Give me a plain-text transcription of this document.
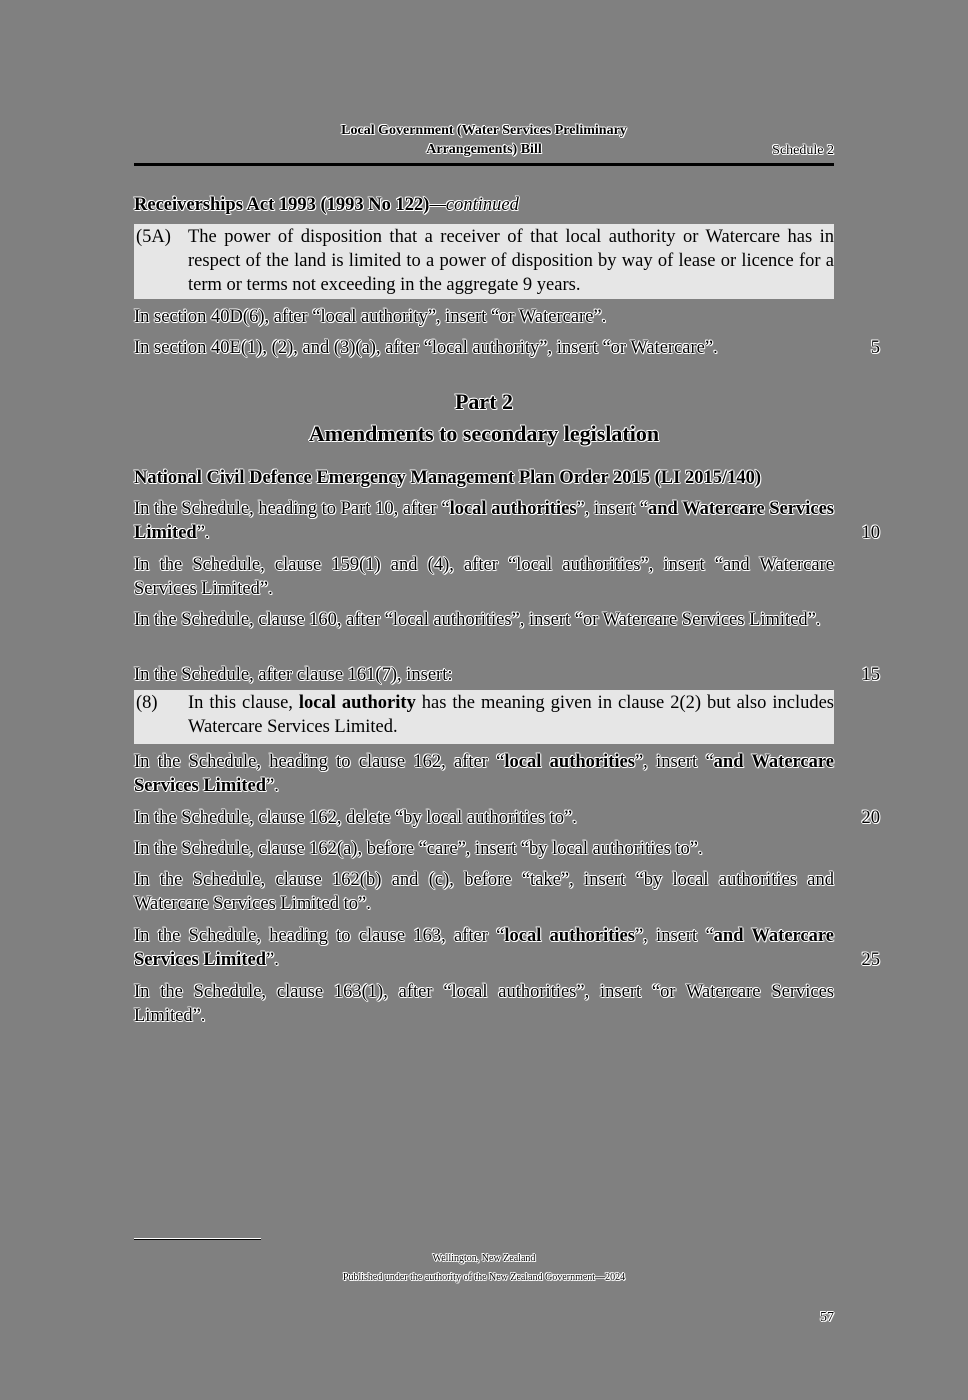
Local Government (Water Services Preliminary
Arrangements) Bill	Schedule 2
Receiverships Act 1993 (1993 No 122)—continued
(5A) The power of disposition that a receiver of that local authority or Watercare has in respect of the land is limited to a power of disposition by way of lease or licence for a term or terms not exceeding in the aggregate 9 years.
In section 40D(6), after “local authority”, insert “or Watercare”.
In section 40E(1), (2), and (3)(a), after “local authority”, insert “or Watercare”.
Part 2
Amendments to secondary legislation
National Civil Defence Emergency Management Plan Order 2015 (LI 2015/140)
In the Schedule, heading to Part 10, after “local authorities”, insert “and Watercare Services Limited”.
In the Schedule, clause 159(1) and (4), after “local authorities”, insert “and Watercare Services Limited”.
In the Schedule, clause 160, after “local authorities”, insert “or Watercare Services Limited”.
In the Schedule, after clause 161(7), insert:
(8) In this clause, local authority has the meaning given in clause 2(2) but also includes Watercare Services Limited.
In the Schedule, heading to clause 162, after “local authorities”, insert “and Watercare Services Limited”.
In the Schedule, clause 162, delete “by local authorities to”.
In the Schedule, clause 162(a), before “care”, insert “by local authorities to”.
In the Schedule, clause 162(b) and (c), before “take”, insert “by local authorities and Watercare Services Limited to”.
In the Schedule, heading to clause 163, after “local authorities”, insert “and Watercare Services Limited”.
In the Schedule, clause 163(1), after “local authorities”, insert “or Watercare Services Limited”.
5
10
15
20
25
Wellington, New Zealand
Published under the authority of the New Zealand Government—2024
57
